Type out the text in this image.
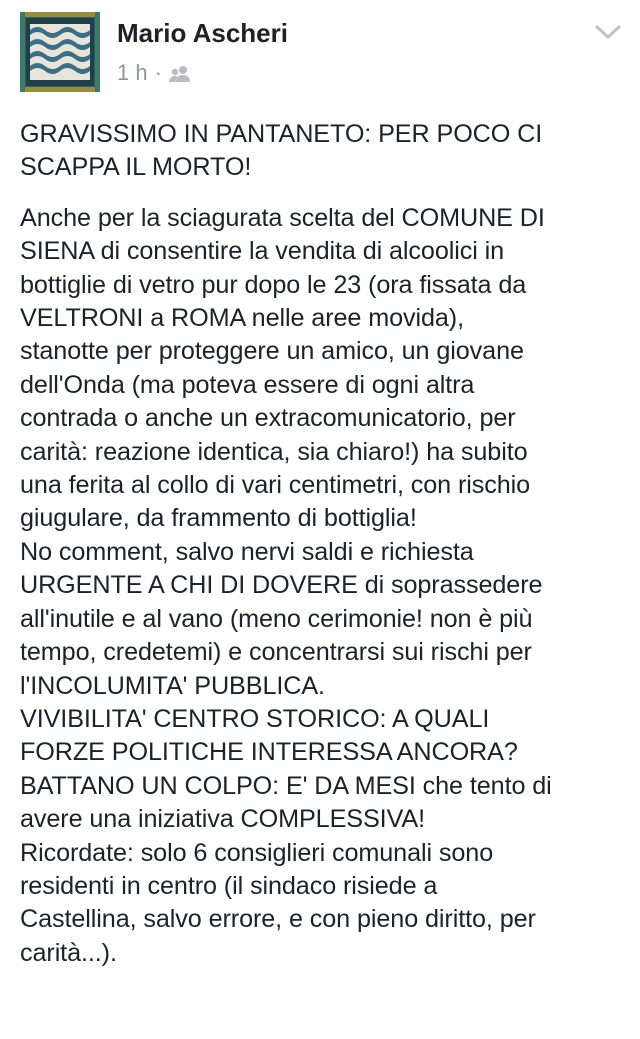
Mario Ascheri
1 h ·

GRAVISSIMO IN PANTANETO: PER POCO CI
SCAPPA IL MORTO!

Anche per la sciagurata scelta del COMUNE DI
SIENA di consentire la vendita di alcoolici in
bottiglie di vetro pur dopo le 23 (ora fissata da
VELTRONI a ROMA nelle aree movida),
stanotte per proteggere un amico, un giovane
dell'Onda (ma poteva essere di ogni altra
contrada o anche un extracomunicatorio, per
carità: reazione identica, sia chiaro!) ha subito
una ferita al collo di vari centimetri, con rischio
giugulare, da frammento di bottiglia!
No comment, salvo nervi saldi e richiesta
URGENTE A CHI DI DOVERE di soprassedere
all'inutile e al vano (meno cerimonie! non è più
tempo, credetemi) e concentrarsi sui rischi per
l'INCOLUMITA' PUBBLICA.
VIVIBILITA' CENTRO STORICO: A QUALI
FORZE POLITICHE INTERESSA ANCORA?
BATTANO UN COLPO: E' DA MESI che tento di
avere una iniziativa COMPLESSIVA!
Ricordate: solo 6 consiglieri comunali sono
residenti in centro (il sindaco risiede a
Castellina, salvo errore, e con pieno diritto, per
carità...).
